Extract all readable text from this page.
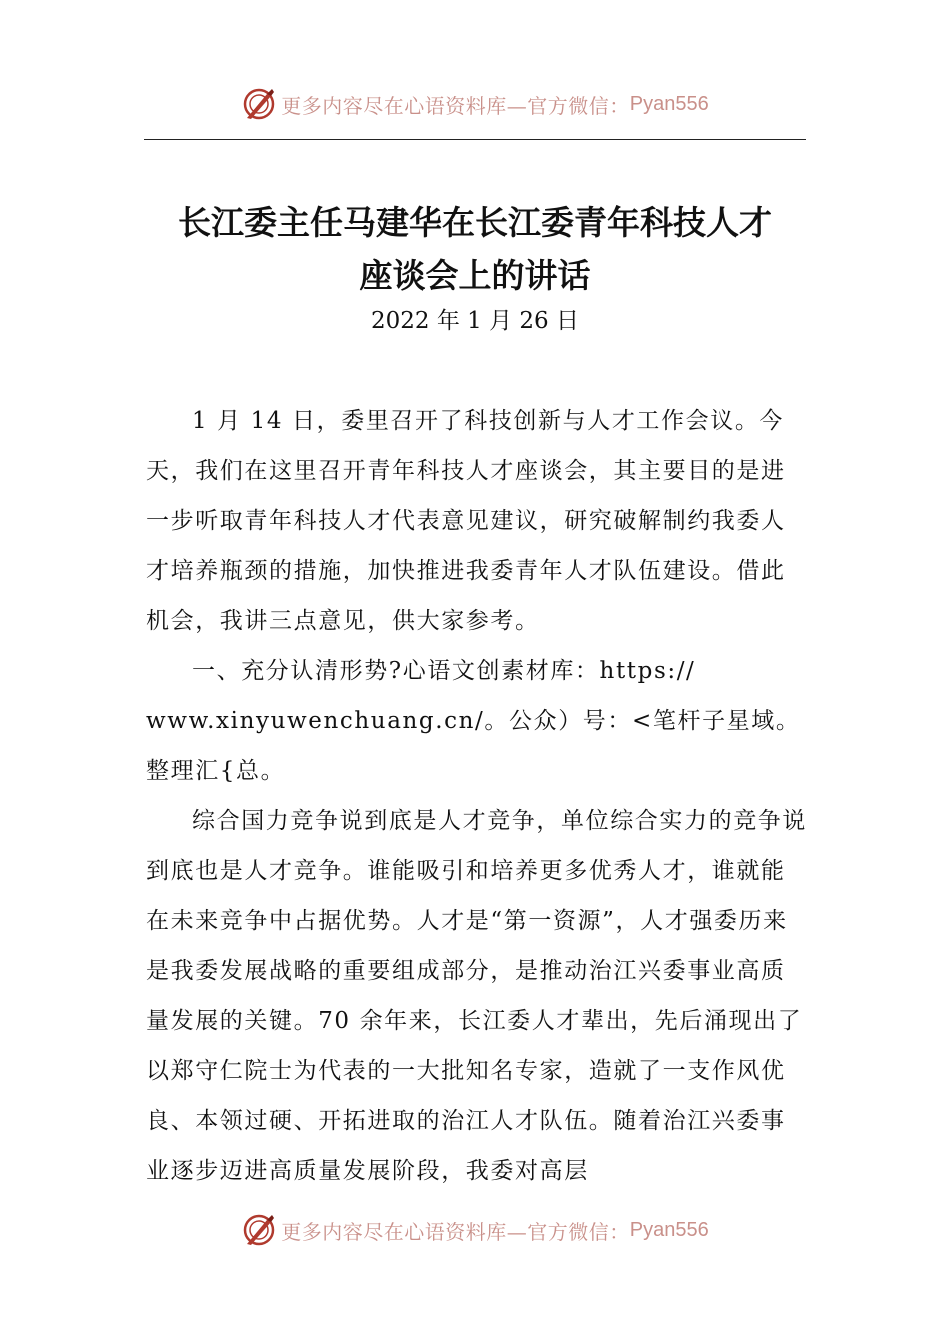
更多内容尽在心语资料库—官方微信： Pyan556
长江委主任马建华在长江委青年科技人才
座谈会上的讲话
2022 年 1 月 26 日

1 月 14 日，委里召开了科技创新与人才工作会议。今天，我们在这里召开青年科技人才座谈会，其主要目的是进一步听取青年科技人才代表意见建议，研究破解制约我委人才培养瓶颈的措施，加快推进我委青年人才队伍建设。借此机会，我讲三点意见，供大家参考。

一、充分认清形势?心语文创素材库：https://

www.xinyuwenchuang.cn/。公众）号：<笔杆子星域。整理汇{总。

综合国力竞争说到底是人才竞争，单位综合实力的竞争说到底也是人才竞争。谁能吸引和培养更多优秀人才，谁就能在未来竞争中占据优势。人才是“第一资源”，人才强委历来是我委发展战略的重要组成部分，是推动治江兴委事业高质量发展的关键。70 余年来，长江委人才辈出，先后涌现出了以郑守仁院士为代表的一大批知名专家，造就了一支作风优良、本领过硬、开拓进取的治江人才队伍。随着治江兴委事业逐步迈进高质量发展阶段，我委对高层

更多内容尽在心语资料库—官方微信： Pyan556
